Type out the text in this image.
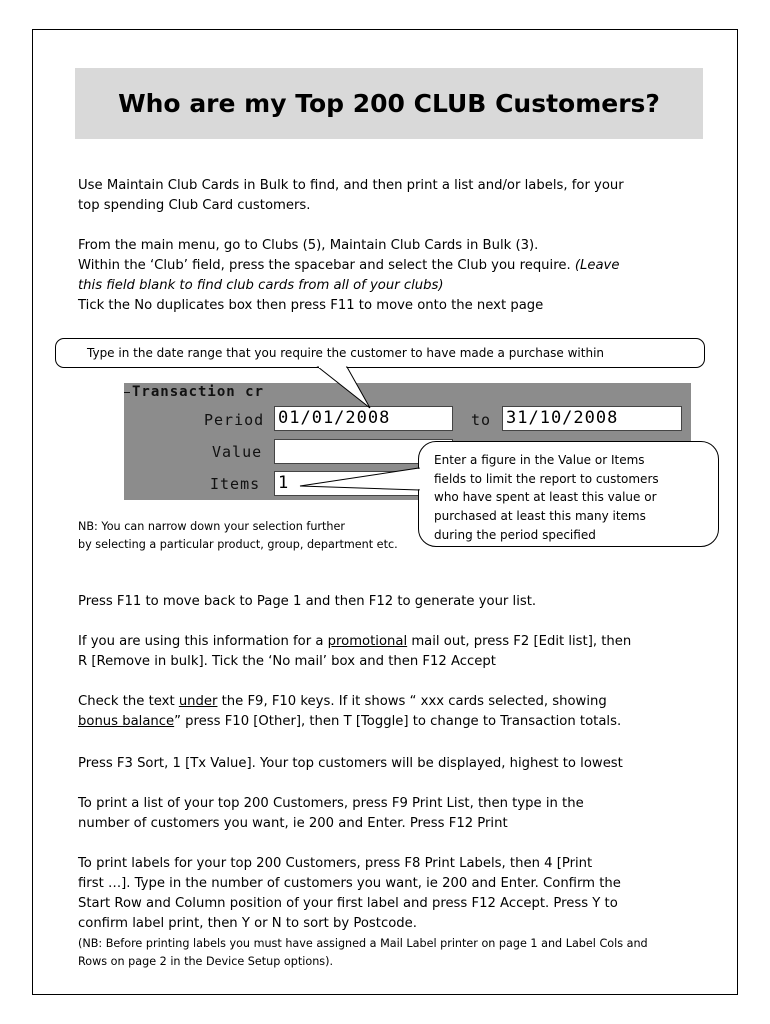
Who are my Top 200 CLUB Customers?
Use Maintain Club Cards in Bulk to find, and then print a list and/or labels, for your
top spending Club Card customers.
From the main menu, go to Clubs (5), Maintain Club Cards in Bulk (3).
Within the ‘Club’ field, press the spacebar and select the Club you require. (Leave
this field blank to find club cards from all of your clubs)
Tick the No duplicates box then press F11 to move onto the next page
Type in the date range that you require the customer to have made a purchase within
Transaction cr
Period 01/01/2008	to 31/10/2008
Value
Items 1
Enter a figure in the Value or Items
fields to limit the report to customers
who have spent at least this value or
purchased at least this many items
during the period specified
NB: You can narrow down your selection further
by selecting a particular product, group, department etc.
Press F11 to move back to Page 1 and then F12 to generate your list.
If you are using this information for a promotional mail out, press F2 [Edit list], then
R [Remove in bulk]. Tick the ‘No mail’ box and then F12 Accept
Check the text under the F9, F10 keys. If it shows “ xxx cards selected, showing
bonus balance” press F10 [Other], then T [Toggle] to change to Transaction totals.
Press F3 Sort, 1 [Tx Value]. Your top customers will be displayed, highest to lowest
To print a list of your top 200 Customers, press F9 Print List, then type in the
number of customers you want, ie 200 and Enter. Press F12 Print
To print labels for your top 200 Customers, press F8 Print Labels, then 4 [Print
first …]. Type in the number of customers you want, ie 200 and Enter. Confirm the
Start Row and Column position of your first label and press F12 Accept. Press Y to
confirm label print, then Y or N to sort by Postcode.
(NB: Before printing labels you must have assigned a Mail Label printer on page 1 and Label Cols and
Rows on page 2 in the Device Setup options).
